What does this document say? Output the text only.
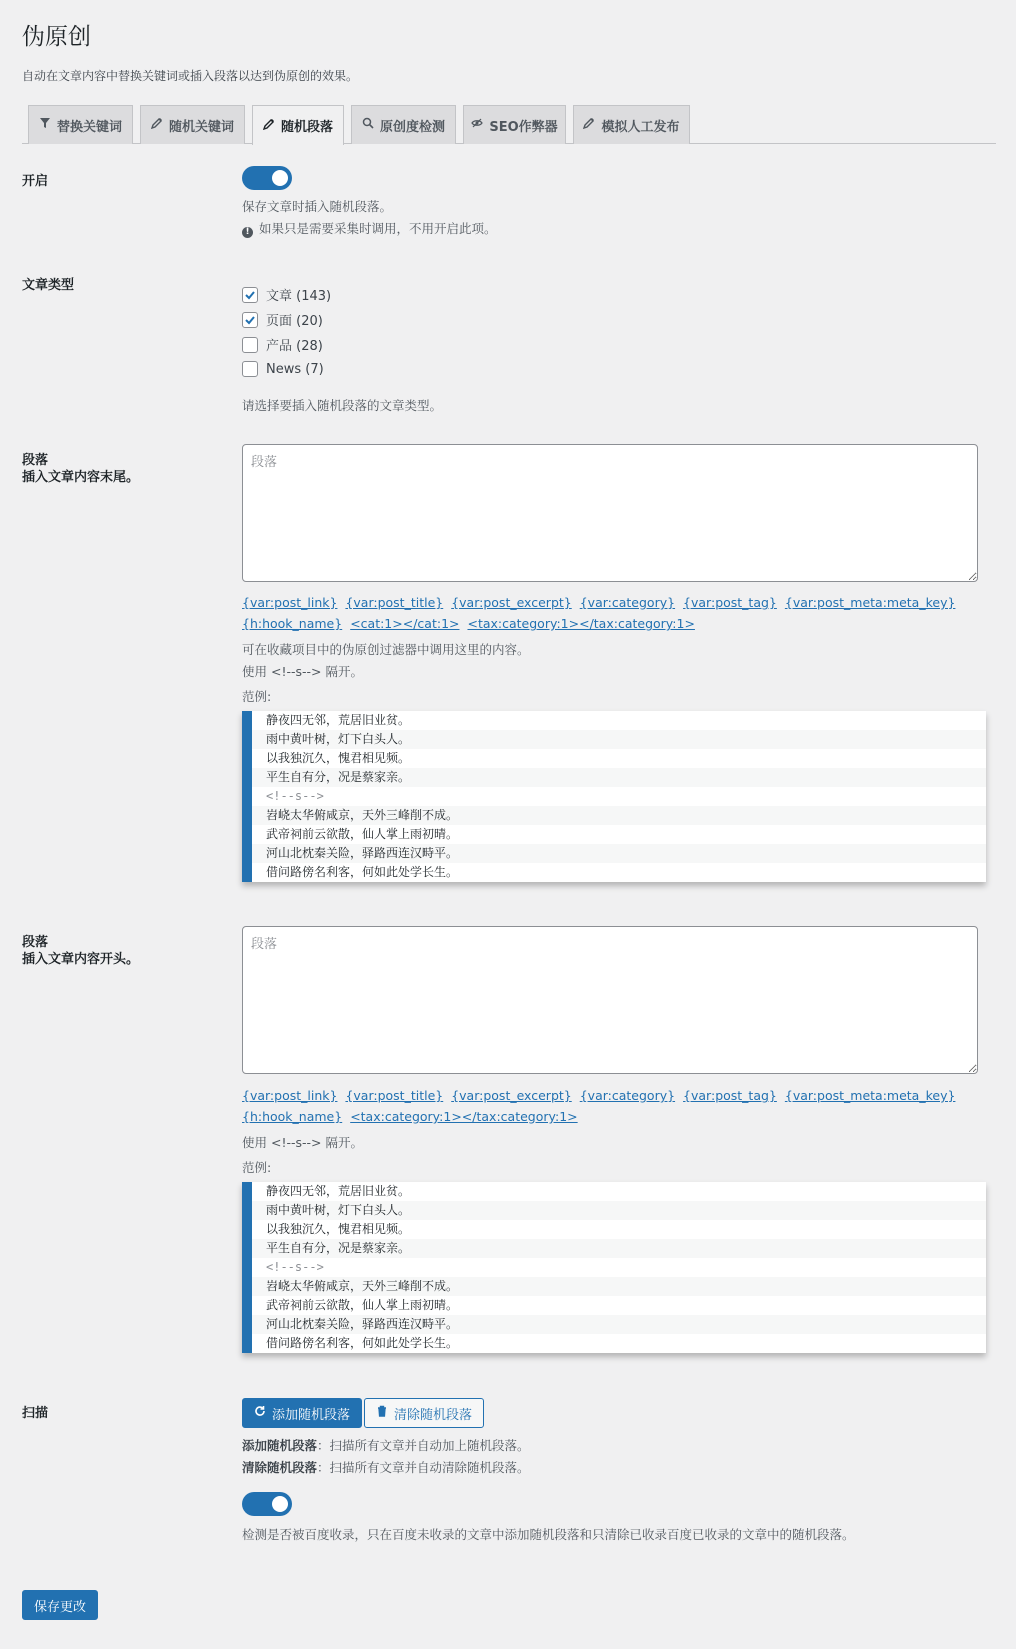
伪原创
自动在文章内容中替换关键词或插入段落以达到伪原创的效果。
替换关键词	随机关键词	随机段落	原创度检测	SEO作弊器	模拟人工发布
开启
保存文章时插入随机段落。
! 如果只是需要采集时调用，不用开启此项。
文章类型
文章 (143)
页面 (20)
产品 (28)
News (7)
请选择要插入随机段落的文章类型。
段落
插入文章内容末尾。
段落
{var:post_link} {var:post_title} {var:post_excerpt} {var:category} {var:post_tag} {var:post_meta:meta_key} {h:hook_name} <cat:1></cat:1> <tax:category:1></tax:category:1>
可在收藏项目中的伪原创过滤器中调用这里的内容。
使用 <!--s--> 隔开。
范例:
静夜四无邻，荒居旧业贫。
雨中黄叶树，灯下白头人。
以我独沉久，愧君相见频。
平生自有分，况是蔡家亲。
<!--s-->
岧峣太华俯咸京，天外三峰削不成。
武帝祠前云欲散，仙人掌上雨初晴。
河山北枕秦关险，驿路西连汉畤平。
借问路傍名利客，何如此处学长生。
段落
插入文章内容开头。
段落
{var:post_link} {var:post_title} {var:post_excerpt} {var:category} {var:post_tag} {var:post_meta:meta_key} {h:hook_name} <tax:category:1></tax:category:1>
使用 <!--s--> 隔开。
范例:
静夜四无邻，荒居旧业贫。
雨中黄叶树，灯下白头人。
以我独沉久，愧君相见频。
平生自有分，况是蔡家亲。
<!--s-->
岧峣太华俯咸京，天外三峰削不成。
武帝祠前云欲散，仙人掌上雨初晴。
河山北枕秦关险，驿路西连汉畤平。
借问路傍名利客，何如此处学长生。
扫描	添加随机段落	清除随机段落
添加随机段落：扫描所有文章并自动加上随机段落。
清除随机段落：扫描所有文章并自动清除随机段落。
检测是否被百度收录，只在百度未收录的文章中添加随机段落和只清除已收录百度已收录的文章中的随机段落。
保存更改
